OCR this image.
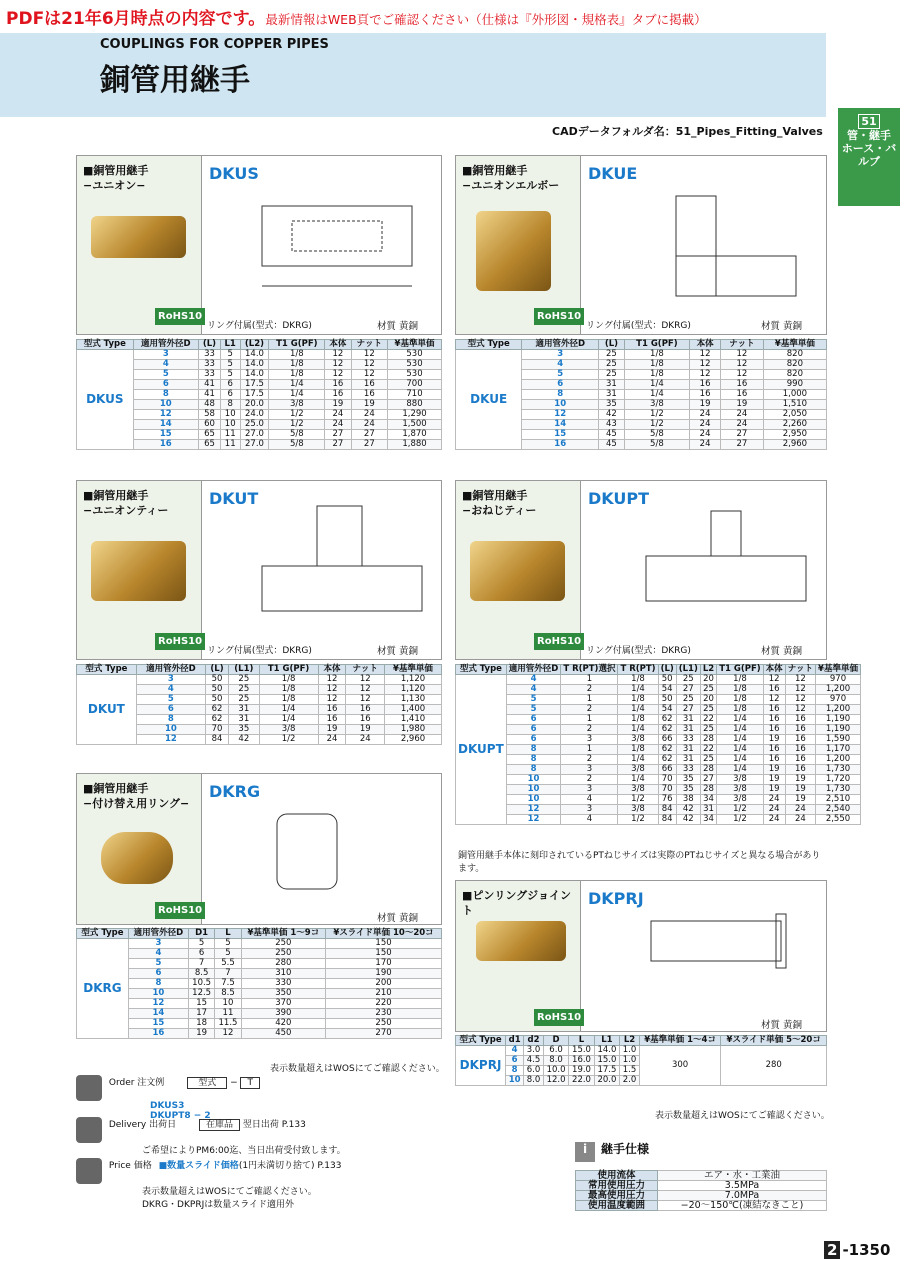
PDFは21年6月時点の内容です。最新情報はWEB頁でご確認ください（仕様は『外形図・規格表』タブに掲載）
COUPLINGS FOR COPPER PIPES
銅管用継手
CADデータフォルダ名：51_Pipes_Fitting_Valves
51
管・継手
ホース・バルブ
■銅管用継手
−ユニオン−
RoHS10
DKUS
リング付属(型式：DKRG)	材質 黄銅
型式 Type	適用管外径D	(L)	L1	(L2)	T1 G(PF)	本体	ナット	¥基準単価
DKUS	3	33	5	14.0	1/8	12	12	530
	4	33	5	14.0	1/8	12	12	530
	5	33	5	14.0	1/8	12	12	530
	6	41	6	17.5	1/4	16	16	700
	8	41	6	17.5	1/4	16	16	710
	10	48	8	20.0	3/8	19	19	880
	12	58	10	24.0	1/2	24	24	1,290
	14	60	10	25.0	1/2	24	24	1,500
	15	65	11	27.0	5/8	27	27	1,870
	16	65	11	27.0	5/8	27	27	1,880
■銅管用継手
−ユニオンエルボー
RoHS10
DKUE
リング付属(型式：DKRG)	材質 黄銅
型式 Type	適用管外径D	(L)	T1 G(PF)	本体	ナット	¥基準単価
DKUE	3	25	1/8	12	12	820
	4	25	1/8	12	12	820
	5	25	1/8	12	12	820
	6	31	1/4	16	16	990
	8	31	1/4	16	16	1,000
	10	35	3/8	19	19	1,510
	12	42	1/2	24	24	2,050
	14	43	1/2	24	24	2,260
	15	45	5/8	24	27	2,950
	16	45	5/8	24	27	2,960
■銅管用継手
−ユニオンティー
RoHS10
DKUT
リング付属(型式：DKRG)	材質 黄銅
型式 Type	適用管外径D	(L)	(L1)	T1 G(PF)	本体	ナット	¥基準単価
DKUT	3	50	25	1/8	12	12	1,120
	4	50	25	1/8	12	12	1,120
	5	50	25	1/8	12	12	1,130
	6	62	31	1/4	16	16	1,400
	8	62	31	1/4	16	16	1,410
	10	70	35	3/8	19	19	1,980
	12	84	42	1/2	24	24	2,960
■銅管用継手
−おねじティー
RoHS10
DKUPT
リング付属(型式：DKRG)	材質 黄銅
型式 Type	適用管外径D	T R(PT)選択	T R(PT)	(L)	(L1)	L2	T1 G(PF)	本体	ナット	¥基準単価
DKUPT	4	1	1/8	50	25	20	1/8	12	12	970
	4	2	1/4	54	27	25	1/8	16	12	1,200
	5	1	1/8	50	25	20	1/8	12	12	970
	5	2	1/4	54	27	25	1/8	16	12	1,200
	6	1	1/8	62	31	22	1/4	16	16	1,190
	6	2	1/4	62	31	25	1/4	16	16	1,190
	6	3	3/8	66	33	28	1/4	19	16	1,590
	8	1	1/8	62	31	22	1/4	16	16	1,170
	8	2	1/4	62	31	25	1/4	16	16	1,200
	8	3	3/8	66	33	28	1/4	19	16	1,730
	10	2	1/4	70	35	27	3/8	19	19	1,720
	10	3	3/8	70	35	28	3/8	19	19	1,730
	10	4	1/2	76	38	34	3/8	24	19	2,510
	12	3	3/8	84	42	31	1/2	24	24	2,540
	12	4	1/2	84	42	34	1/2	24	24	2,550
銅管用継手本体に刻印されているPTねじサイズは実際のPTねじサイズと異なる場合があります。
■銅管用継手
−付け替え用リング−
RoHS10
DKRG
材質 黄銅
型式 Type	適用管外径D	D1	L	¥基準単価 1〜9コ	¥スライド単価 10〜20コ
DKRG	3	5	5	250	150
	4	6	5	250	150
	5	7	5.5	280	170
	6	8.5	7	310	190
	8	10.5	7.5	330	200
	10	12.5	8.5	350	210
	12	15	10	370	220
	14	17	11	390	230
	15	18	11.5	420	250
	16	19	12	450	270
表示数量超えはWOSにてご確認ください。
■ピンリングジョイント
RoHS10
DKPRJ
材質 黄銅
型式 Type	d1	d2	D	L	L1	L2	¥基準単価 1〜4コ	¥スライド単価 5〜20コ
DKPRJ	4	3.0	6.0	15.0	14.0	1.0	300	280
	6	4.5	8.0	16.0	15.0	1.0		
	8	6.0	10.0	19.0	17.5	1.5		
	10	8.0	12.0	22.0	20.0	2.0		
表示数量超えはWOSにてご確認ください。
i 継手仕様
使用流体	エア・水・工業油
常用使用圧力	3.5MPa
最高使用圧力	7.0MPa
使用温度範囲	−20〜150℃(凍結なきこと)
Order 注文例	型式 − T
DKUS3
DKUPT8 − 2
Delivery 出荷日	在庫品 翌日出荷 P.133
ご希望によりPM6:00迄、当日出荷受付致します。
Price 価格 ■数量スライド価格(1円未満切り捨て) P.133
表示数量超えはWOSにてご確認ください。
DKRG・DKPRJは数量スライド適用外
2 -1350
